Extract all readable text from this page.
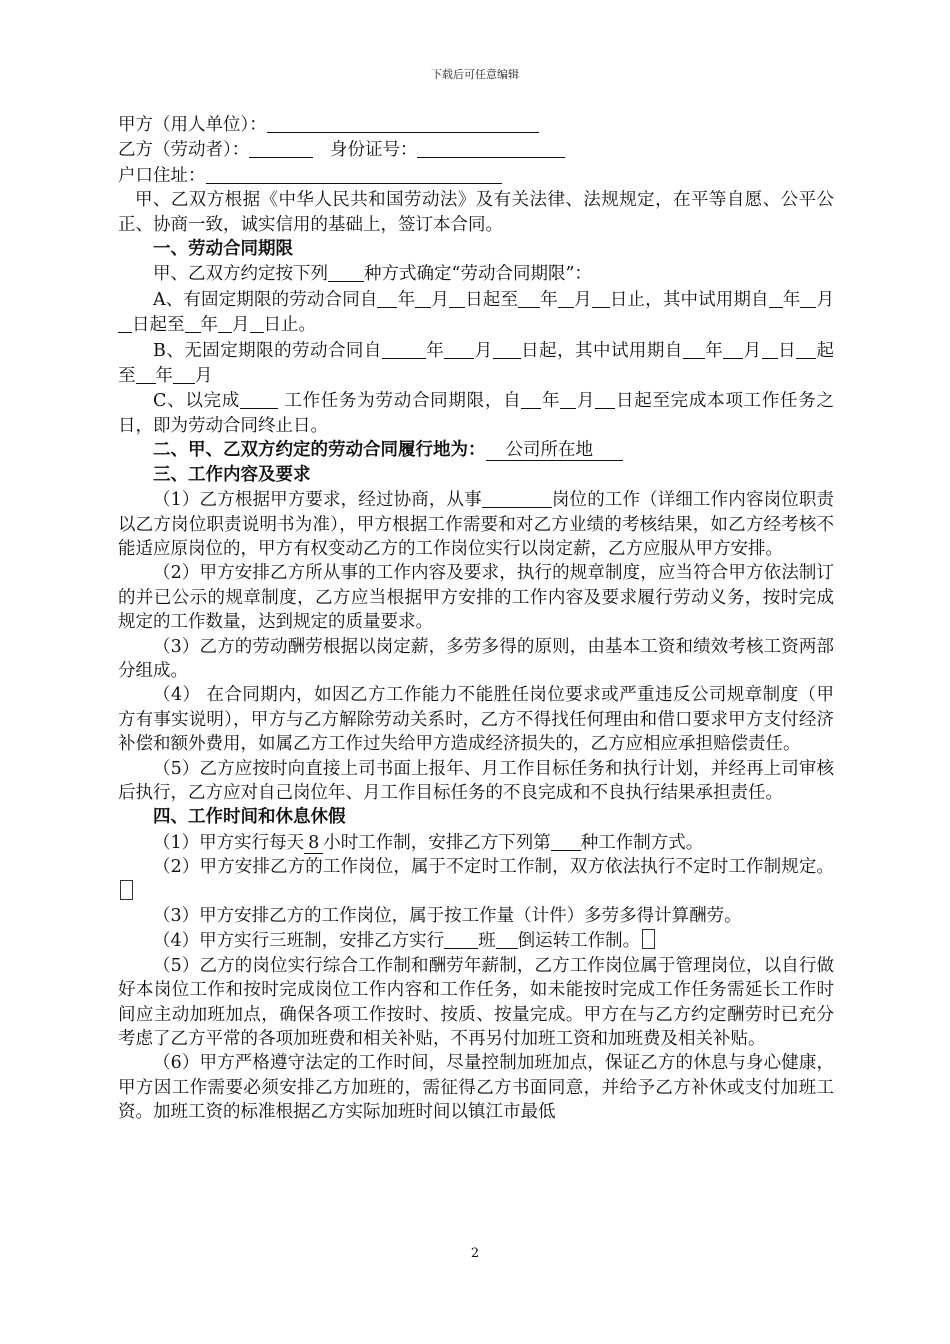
下载后可任意编辑
甲方（用人单位）：
乙方（劳动者）：	身份证号：
户口住址：

甲、乙双方根据《中华人民共和国劳动法》及有关法律、法规规定，在平等自愿、公平公正、协商一致，诚实信用的基础上，签订本合同。

一、劳动合同期限
甲、乙双方约定按下列 种方式确定“劳动合同期限”：

A、有固定期限的劳动合同自 年 月 日起至 年 月 日止，其中试用期自 年 月日起至 年 月 日止。

B、无固定期限的劳动合同自	年 月 日起，其中试用期自 年 月 日 起至 年 月

C、以完成	工作任务为劳动合同期限，自 年 月 日起至完成本项工作任务之日，即为劳动合同终止日。

二、甲、乙双方约定的劳动合同履行地为： 公司所在地
三、工作内容及要求

（1）乙方根据甲方要求，经过协商，从事	岗位的工作（详细工作内容岗位职责以乙方岗位职责说明书为准），甲方根据工作需要和对乙方业绩的考核结果，如乙方经考核不能适应原岗位的，甲方有权变动乙方的工作岗位实行以岗定薪，乙方应服从甲方安排。

（2）甲方安排乙方所从事的工作内容及要求，执行的规章制度，应当符合甲方依法制订的并已公示的规章制度，乙方应当根据甲方安排的工作内容及要求履行劳动义务，按时完成规定的工作数量，达到规定的质量要求。

（3）乙方的劳动酬劳根据以岗定薪，多劳多得的原则，由基本工资和绩效考核工资两部分组成。

（4） 在合同期内，如因乙方工作能力不能胜任岗位要求或严重违反公司规章制度（甲方有事实说明），甲方与乙方解除劳动关系时，乙方不得找任何理由和借口要求甲方支付经济补偿和额外费用，如属乙方工作过失给甲方造成经济损失的，乙方应相应承担赔偿责任。

（5）乙方应按时向直接上司书面上报年、月工作目标任务和执行计划，并经再上司审核后执行，乙方应对自己岗位年、月工作目标任务的不良完成和不良执行结果承担责任。

四、工作时间和休息休假
（1）甲方实行每天 8 小时工作制，安排乙方下列第 种工作制方式。

（2）甲方安排乙方的工作岗位，属于不定时工作制，双方依法执行不定时工作制规定。

（3）甲方安排乙方的工作岗位，属于按工作量（计件）多劳多得计算酬劳。
（4）甲方实行三班制，安排乙方实行 班 倒运转工作制。

（5）乙方的岗位实行综合工作制和酬劳年薪制，乙方工作岗位属于管理岗位，以自行做好本岗位工作和按时完成岗位工作内容和工作任务，如未能按时完成工作任务需延长工作时间应主动加班加点，确保各项工作按时、按质、按量完成。甲方在与乙方约定酬劳时已充分考虑了乙方平常的各项加班费和相关补贴，不再另付加班工资和加班费及相关补贴。

（6）甲方严格遵守法定的工作时间，尽量控制加班加点，保证乙方的休息与身心健康，甲方因工作需要必须安排乙方加班的，需征得乙方书面同意，并给予乙方补休或支付加班工资。加班工资的标准根据乙方实际加班时间以镇江市最低

2
